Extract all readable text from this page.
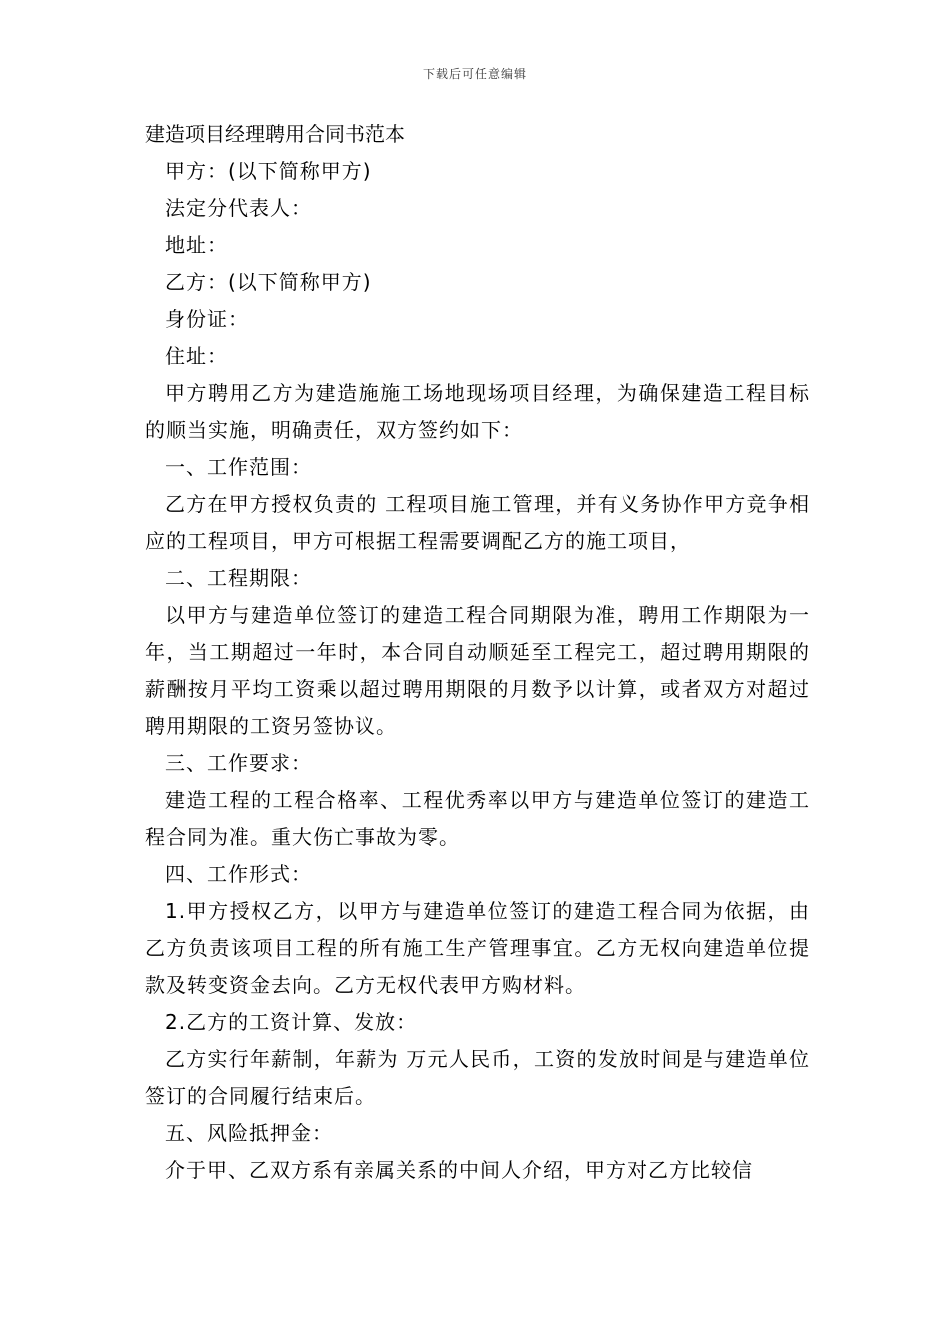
下载后可任意编辑
建造项目经理聘用合同书范本

甲方：(以下简称甲方)

法定分代表人：

地址：

乙方：(以下简称甲方)

身份证：

住址：

甲方聘用乙方为建造施施工场地现场项目经理，为确保建造工程目标的顺当实施，明确责任，双方签约如下：

一、工作范围：

乙方在甲方授权负责的 工程项目施工管理，并有义务协作甲方竞争相应的工程项目，甲方可根据工程需要调配乙方的施工项目，

二、工程期限：

以甲方与建造单位签订的建造工程合同期限为准，聘用工作期限为一年，当工期超过一年时，本合同自动顺延至工程完工，超过聘用期限的薪酬按月平均工资乘以超过聘用期限的月数予以计算，或者双方对超过聘用期限的工资另签协议。

三、工作要求：

建造工程的工程合格率、工程优秀率以甲方与建造单位签订的建造工程合同为准。重大伤亡事故为零。

四、工作形式：

1.甲方授权乙方，以甲方与建造单位签订的建造工程合同为依据，由乙方负责该项目工程的所有施工生产管理事宜。乙方无权向建造单位提款及转变资金去向。乙方无权代表甲方购材料。

2.乙方的工资计算、发放：

乙方实行年薪制，年薪为 万元人民币，工资的发放时间是与建造单位签订的合同履行结束后。

五、风险抵押金：

介于甲、乙双方系有亲属关系的中间人介绍，甲方对乙方比较信
